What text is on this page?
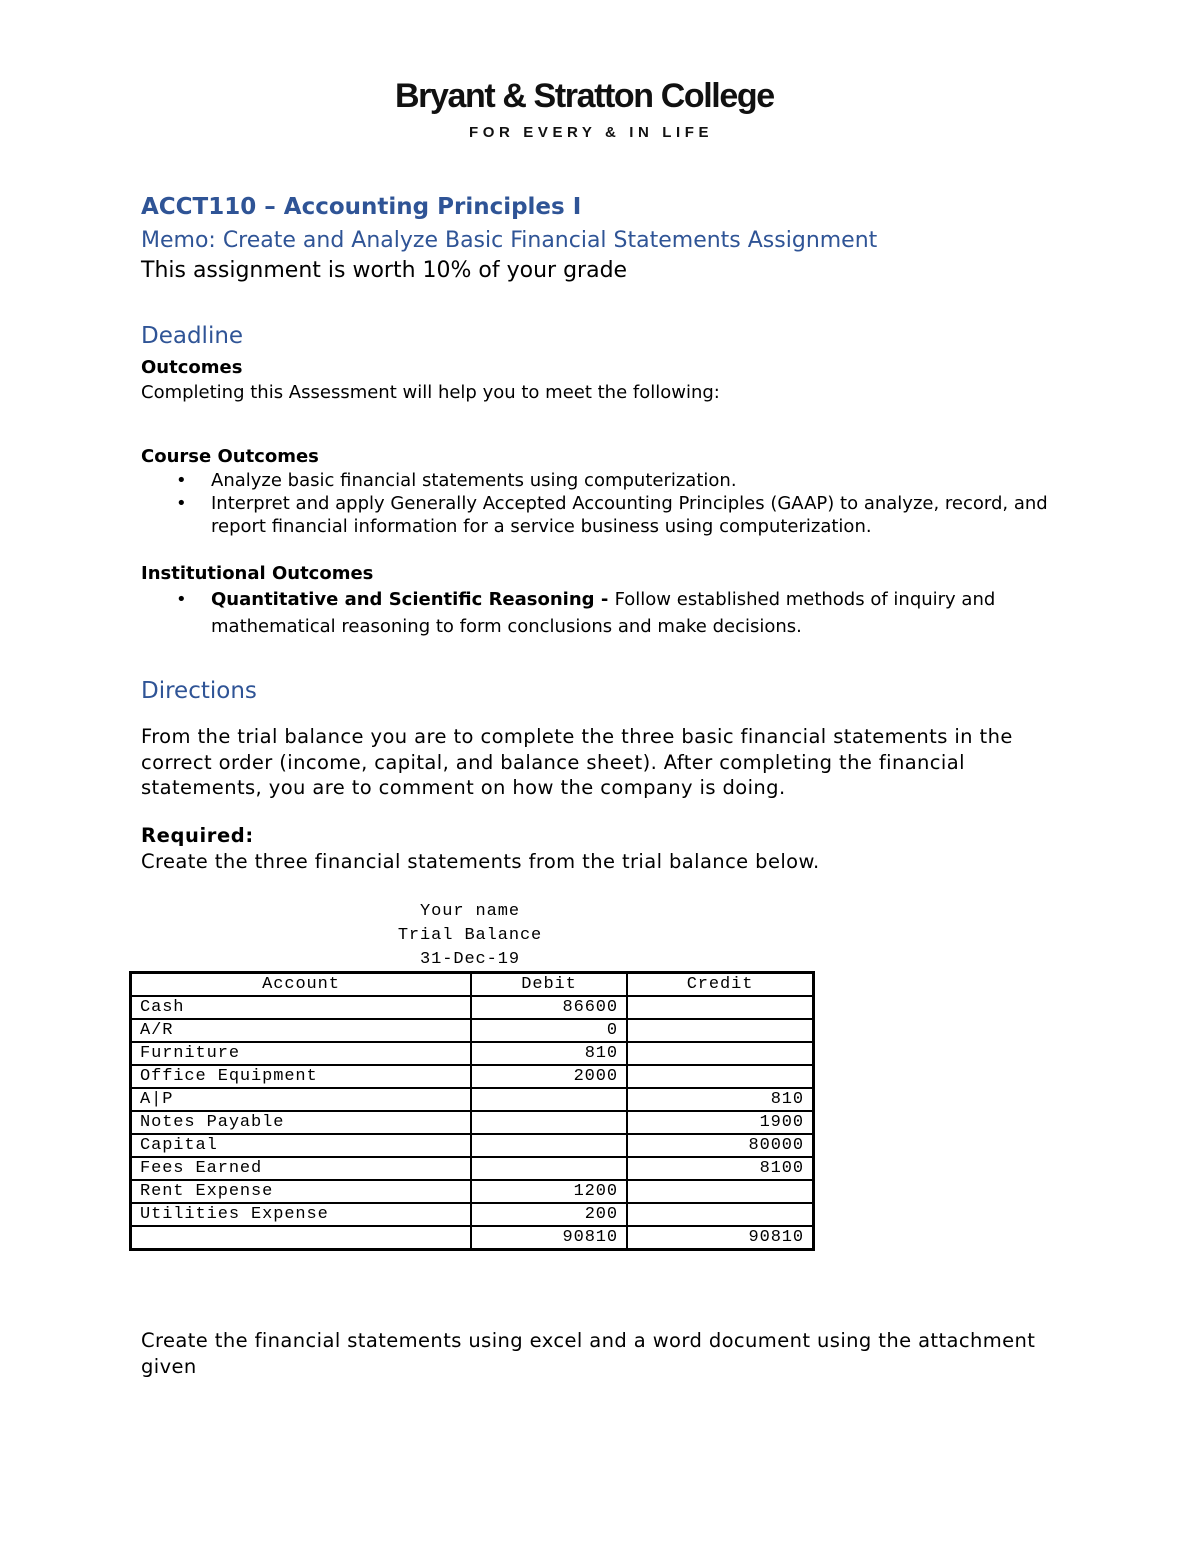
Bryant & Stratton College
FOR EVERY & IN LIFE
ACCT110 – Accounting Principles I
Memo: Create and Analyze Basic Financial Statements Assignment
This assignment is worth 10% of your grade
Deadline
Outcomes
Completing this Assessment will help you to meet the following:
Course Outcomes
• Analyze basic financial statements using computerization.
• Interpret and apply Generally Accepted Accounting Principles (GAAP) to analyze, record, and report financial information for a service business using computerization.
Institutional Outcomes
• Quantitative and Scientific Reasoning - Follow established methods of inquiry and mathematical reasoning to form conclusions and make decisions.
Directions

From the trial balance you are to complete the three basic financial statements in the correct order (income, capital, and balance sheet). After completing the financial statements, you are to comment on how the company is doing.

Required:
Create the three financial statements from the trial balance below.
Your name
Trial Balance
31-Dec-19
Account	Debit	Credit
Cash	86600	
A/R	0	
Furniture	810	
Office Equipment	2000	
A|P		810
Notes Payable		1900
Capital		80000
Fees Earned		8100
Rent Expense	1200	
Utilities Expense	200	
	90810	90810

Create the financial statements using excel and a word document using the attachment given
